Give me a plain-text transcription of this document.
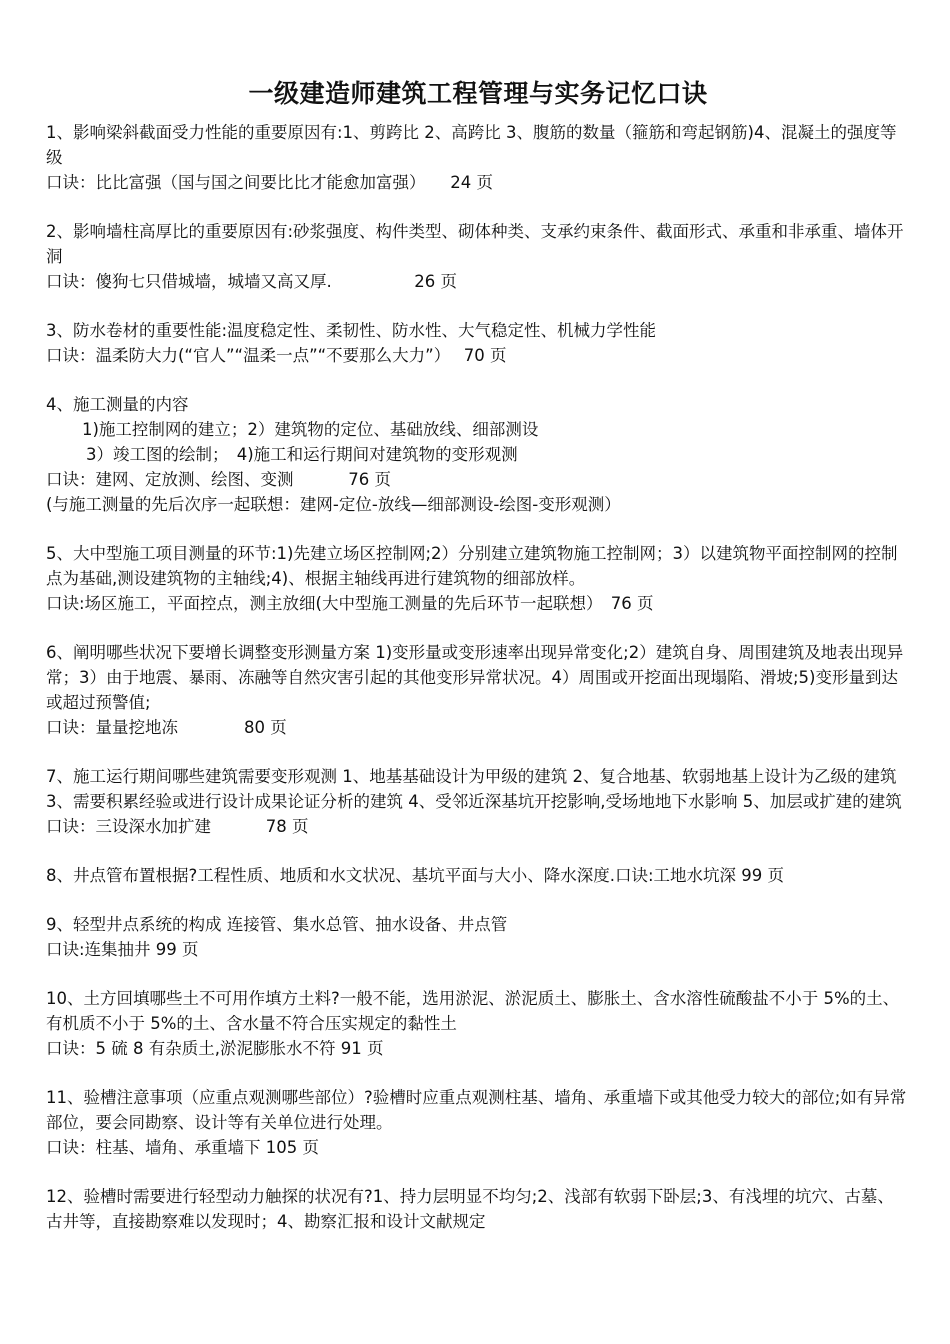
一级建造师建筑工程管理与实务记忆口诀

1、影响梁斜截面受力性能的重要原因有:1、剪跨比 2、高跨比 3、腹筋的数量（箍筋和弯起钢筋)4、混凝土的强度等级

口诀：比比富强（国与国之间要比比才能愈加富强）　　24 页

2、影响墙柱高厚比的重要原因有:砂浆强度、构件类型、砌体种类、支承约束条件、截面形式、承重和非承重、墙体开洞

口诀：傻狗七只借城墙，城墙又高又厚.　　　　　26 页

3、防水卷材的重要性能:温度稳定性、柔韧性、防水性、大气稳定性、机械力学性能

口诀：温柔防大力(“官人”“温柔一点”“不要那么大力”）　 70 页

4、施工测量的内容

1)施工控制网的建立；2）建筑物的定位、基础放线、细部测设

3）竣工图的绘制；　4)施工和运行期间对建筑物的变形观测

口诀：建网、定放测、绘图、变测　　　 76 页

(与施工测量的先后次序一起联想：建网-定位-放线—细部测设-绘图-变形观测）

5、大中型施工项目测量的环节:1)先建立场区控制网;2）分别建立建筑物施工控制网；3）以建筑物平面控制网的控制点为基础,测设建筑物的主轴线;4)、根据主轴线再进行建筑物的细部放样。

口诀:场区施工，平面控点，测主放细(大中型施工测量的先后环节一起联想）　76 页

6、阐明哪些状况下要增长调整变形测量方案 1)变形量或变形速率出现异常变化;2）建筑自身、周围建筑及地表出现异常；3）由于地震、暴雨、冻融等自然灾害引起的其他变形异常状况。4）周围或开挖面出现塌陷、滑坡;5)变形量到达或超过预警值;

口诀：量量挖地冻　　　　80 页

7、施工运行期间哪些建筑需要变形观测 1、地基基础设计为甲级的建筑 2、复合地基、软弱地基上设计为乙级的建筑 3、需要积累经验或进行设计成果论证分析的建筑 4、受邻近深基坑开挖影响,受场地地下水影响 5、加层或扩建的建筑口诀：三设深水加扩建　　　 78 页

8、井点管布置根据?工程性质、地质和水文状况、基坑平面与大小、降水深度.口诀:工地水坑深 99 页

9、轻型井点系统的构成 连接管、集水总管、抽水设备、井点管

口诀:连集抽井 99 页

10、土方回填哪些土不可用作填方土料?一般不能，选用淤泥、淤泥质土、膨胀土、含水溶性硫酸盐不小于 5%的土、有机质不小于 5%的土、含水量不符合压实规定的黏性土

口诀：5 硫 8 有杂质土,淤泥膨胀水不符 91 页

11、验槽注意事项（应重点观测哪些部位）?验槽时应重点观测柱基、墙角、承重墙下或其他受力较大的部位;如有异常部位，要会同勘察、设计等有关单位进行处理。

口诀：柱基、墙角、承重墙下 105 页

12、验槽时需要进行轻型动力触探的状况有?1、持力层明显不均匀;2、浅部有软弱下卧层;3、有浅埋的坑穴、古墓、古井等，直接勘察难以发现时；4、勘察汇报和设计文献规定
